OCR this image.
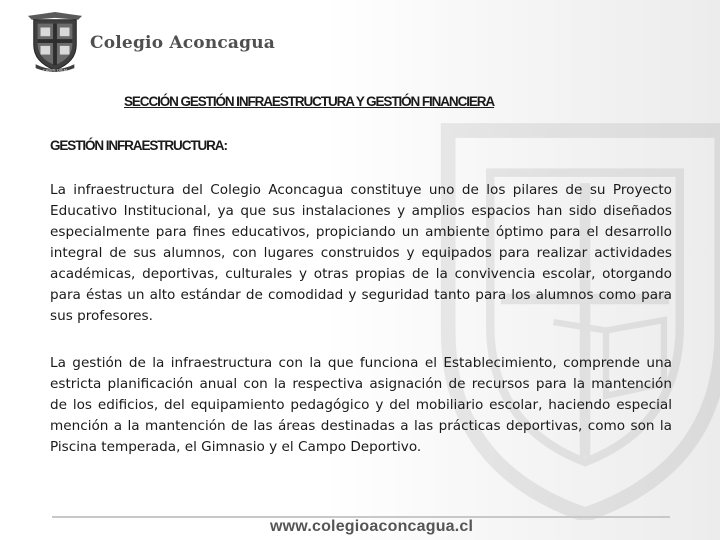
CARPE DIEM
Colegio Aconcagua
SECCIÓN GESTIÓN INFRAESTRUCTURA Y GESTIÓN FINANCIERA
GESTIÓN INFRAESTRUCTURA:

La infraestructura del Colegio Aconcagua constituye uno de los pilares de su Proyecto Educativo Institucional, ya que sus instalaciones y amplios espacios han sido diseñados especialmente para fines educativos, propiciando un ambiente óptimo para el desarrollo integral de sus alumnos, con lugares construidos y equipados para realizar actividades académicas, deportivas, culturales y otras propias de la convivencia escolar, otorgando para éstas un alto estándar de comodidad y seguridad tanto para los alumnos como para sus profesores.

La gestión de la infraestructura con la que funciona el Establecimiento, comprende una estricta planificación anual con la respectiva asignación de recursos para la mantención de los edificios, del equipamiento pedagógico y del mobiliario escolar, haciendo especial mención a la mantención de las áreas destinadas a las prácticas deportivas, como son la Piscina temperada, el Gimnasio y el Campo Deportivo.

www.colegioaconcagua.cl
